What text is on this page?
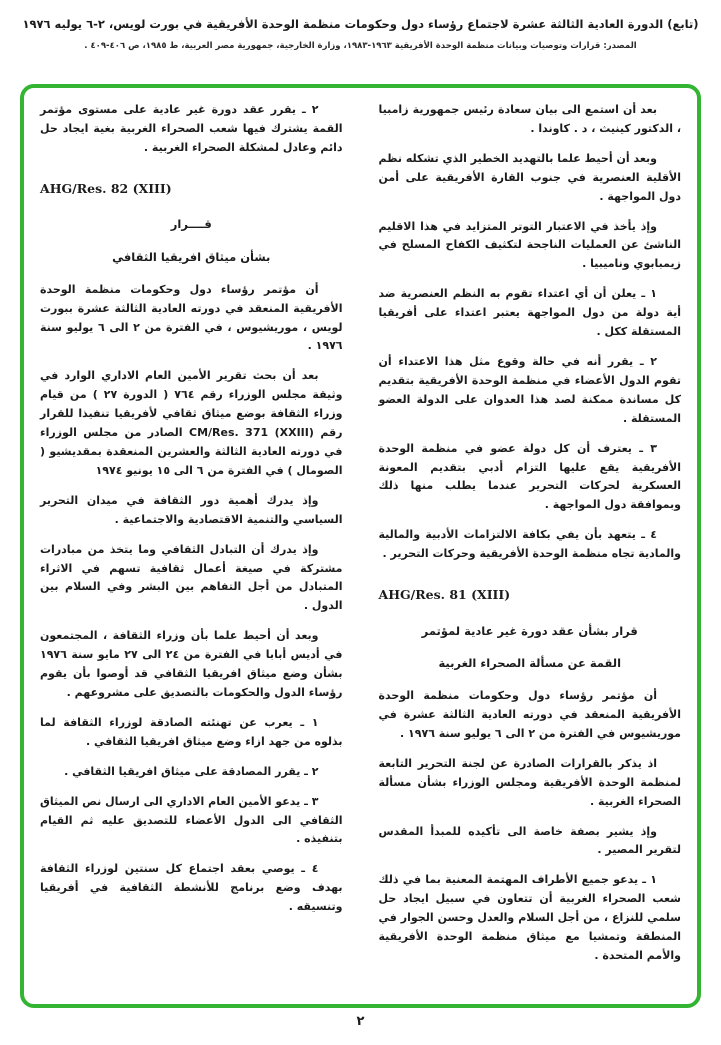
(تابع) الدورة العادية الثالثة عشرة لاجتماع رؤساء دول وحكومات منظمة الوحدة الأفريقية في بورت لويس، ٢-٦ يوليه ١٩٧٦
المصدر: قرارات وتوصيات وبيانات منظمة الوحدة الأفريقية ١٩٦٣-١٩٨٣، وزارة الخارجية، جمهورية مصر العربية، ط ١٩٨٥، ص ٤٠٦-٤٠٩ .

بعد أن استمع الى بيان سعادة رئيس جمهورية زامبيا ، الدكتور كينيث ، د . كاوندا .

وبعد أن أحيط علما بالتهديد الخطير الذي تشكله نظم الأقلية العنصرية في جنوب القارة الأفريقية على أمن دول المواجهة .

وإذ يأخذ في الاعتبار التوتر المتزايد في هذا الاقليم الناشئ عن العمليات الناجحة لتكثيف الكفاح المسلح في زيمبابوي وناميبيا .

١ ـ يعلن أن أي اعتداء تقوم به النظم العنصرية ضد أية دولة من دول المواجهة يعتبر اعتداء على أفريقيا المستقلة ككل .

٢ ـ يقرر أنه في حالة وقوع مثل هذا الاعتداء أن تقوم الدول الأعضاء في منظمة الوحدة الأفريقية بتقديم كل مساندة ممكنة لصد هذا العدوان على الدولة العضو المستقلة .

٣ ـ يعترف أن كل دولة عضو في منظمة الوحدة الأفريقية يقع عليها التزام أدبي بتقديم المعونة العسكرية لحركات التحرير عندما يطلب منها ذلك وبموافقة دول المواجهة .

٤ ـ يتعهد بأن يفي بكافة الالتزامات الأدبية والمالية والمادية تجاه منظمة الوحدة الأفريقية وحركات التحرير .

AHG/Res. 81 (XIII)
قرار بشأن عقد دورة غير عادية لمؤتمر
القمة عن مسألة الصحراء الغربية

أن مؤتمر رؤساء دول وحكومات منظمة الوحدة الأفريقية المنعقد في دورته العادية الثالثة عشرة في موريشيوس في الفترة من ٢ الى ٦ يوليو سنة ١٩٧٦ .

اذ يذكر بالقرارات الصادرة عن لجنة التحرير التابعة لمنظمة الوحدة الأفريقية ومجلس الوزراء بشأن مسألة الصحراء الغربية .

وإذ يشير بصفة خاصة الى تأكيده للمبدأ المقدس لتقرير المصير .

١ ـ يدعو جميع الأطراف المهتمة المعنية بما في ذلك شعب الصحراء الغربية أن تتعاون في سبيل ايجاد حل سلمي للنزاع ، من أجل السلام والعدل وحسن الجوار في المنطقة وتمشيا مع ميثاق منظمة الوحدة الأفريقية والأمم المتحدة .

٢ ـ يقرر عقد دورة غير عادية على مستوى مؤتمر القمة يشترك فيها شعب الصحراء الغربية بغية ايجاد حل دائم وعادل لمشكلة الصحراء الغربية .

AHG/Res. 82 (XIII)
قــــرار
بشأن ميثاق افريقيا الثقافي

أن مؤتمر رؤساء دول وحكومات منظمة الوحدة الأفريقية المنعقد في دورته العادية الثالثة عشرة ببورت لويس ، موريشيوس ، في الفترة من ٢ الى ٦ يوليو سنة ١٩٧٦ .

بعد أن بحث تقرير الأمين العام الاداري الوارد في وثيقة مجلس الوزراء رقم ٧٦٤ ( الدورة ٢٧ ) من قيام وزراء الثقافة بوضع ميثاق ثقافي لأفريقيا تنفيذا للقرار رقم CM/Res. 371 (XXIII) الصادر من مجلس الوزراء في دورته العادية الثالثة والعشرين المنعقدة بمقديشيو ( الصومال ) في الفترة من ٦ الى ١٥ يونيو ١٩٧٤

وإذ يدرك أهمية دور الثقافة في ميدان التحرير السياسي والتنمية الاقتصادية والاجتماعية .

وإذ يدرك أن التبادل الثقافي وما يتخذ من مبادرات مشتركة في صيغة أعمال ثقافية تسهم في الاثراء المتبادل من أجل التفاهم بين البشر وفي السلام بين الدول .

وبعد أن أحيط علما بأن وزراء الثقافة ، المجتمعون في أديس أبابا في الفترة من ٢٤ الى ٢٧ مايو سنة ١٩٧٦ بشأن وضع ميثاق افريقيا الثقافي قد أوصوا بأن يقوم رؤساء الدول والحكومات بالتصديق على مشروعهم .

١ ـ يعرب عن تهنئته الصادقة لوزراء الثقافة لما بذلوه من جهد ازاء وضع ميثاق افريقيا الثقافي .

٢ ـ يقرر المصادقة على ميثاق افريقيا الثقافي .

٣ ـ يدعو الأمين العام الاداري الى ارسال نص الميثاق الثقافي الى الدول الأعضاء للتصديق عليه ثم القيام بتنفيذه .

٤ ـ يوصي بعقد اجتماع كل سنتين لوزراء الثقافة بهدف وضع برنامج للأنشطة الثقافية في أفريقيا وتنسيقه .

٢
